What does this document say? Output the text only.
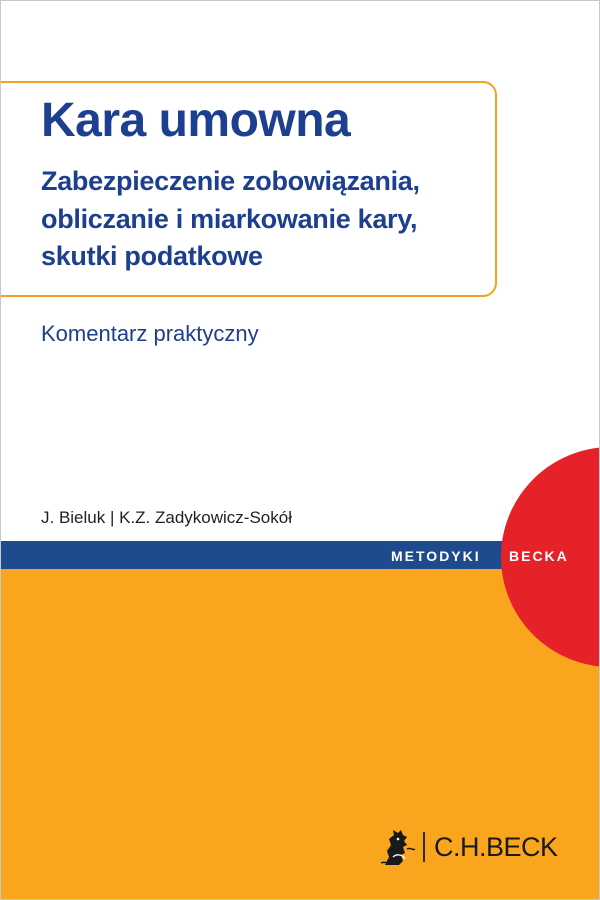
Kara umowna

Zabezpieczenie zobowiązania,

obliczanie i miarkowanie kary,

skutki podatkowe

Komentarz praktyczny
J. Bieluk | K.Z. Zadykowicz-Sokół
METODYKI BECKA
C.H.BECK
